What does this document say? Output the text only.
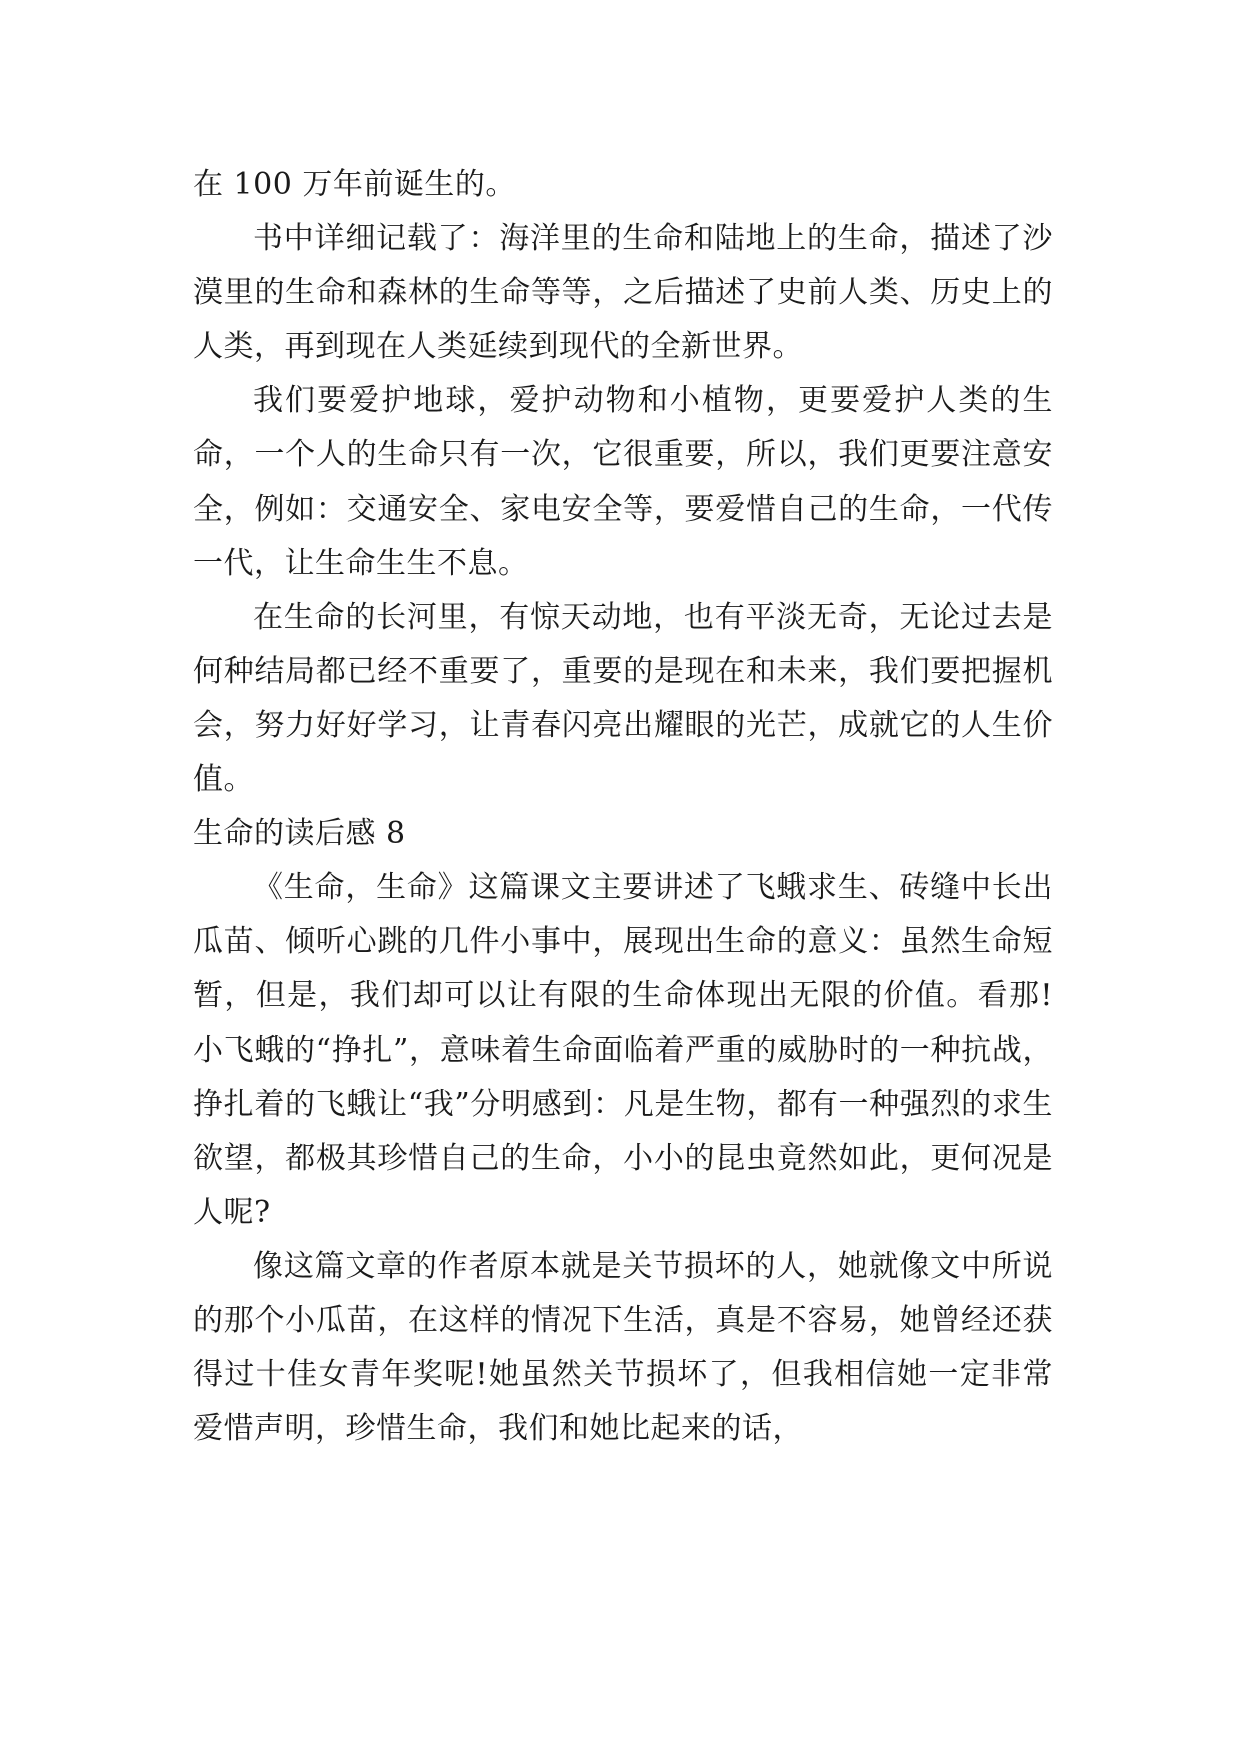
在 100 万年前诞生的。

书中详细记载了：海洋里的生命和陆地上的生命，描述了沙漠里的生命和森林的生命等等，之后描述了史前人类、历史上的人类，再到现在人类延续到现代的全新世界。

我们要爱护地球，爱护动物和小植物，更要爱护人类的生命，一个人的生命只有一次，它很重要，所以，我们更要注意安全，例如：交通安全、家电安全等，要爱惜自己的生命，一代传一代，让生命生生不息。

在生命的长河里，有惊天动地，也有平淡无奇，无论过去是何种结局都已经不重要了，重要的是现在和未来，我们要把握机会，努力好好学习，让青春闪亮出耀眼的光芒，成就它的人生价值。

生命的读后感 8

《生命，生命》这篇课文主要讲述了飞蛾求生、砖缝中长出瓜苗、倾听心跳的几件小事中，展现出生命的意义：虽然生命短暂，但是，我们却可以让有限的生命体现出无限的价值。看那!小飞蛾的“挣扎”，意味着生命面临着严重的威胁时的一种抗战，挣扎着的飞蛾让“我”分明感到：凡是生物，都有一种强烈的求生欲望，都极其珍惜自己的生命，小小的昆虫竟然如此，更何况是人呢?

像这篇文章的作者原本就是关节损坏的人，她就像文中所说的那个小瓜苗，在这样的情况下生活，真是不容易，她曾经还获得过十佳女青年奖呢!她虽然关节损坏了，但我相信她一定非常爱惜声明，珍惜生命，我们和她比起来的话，
